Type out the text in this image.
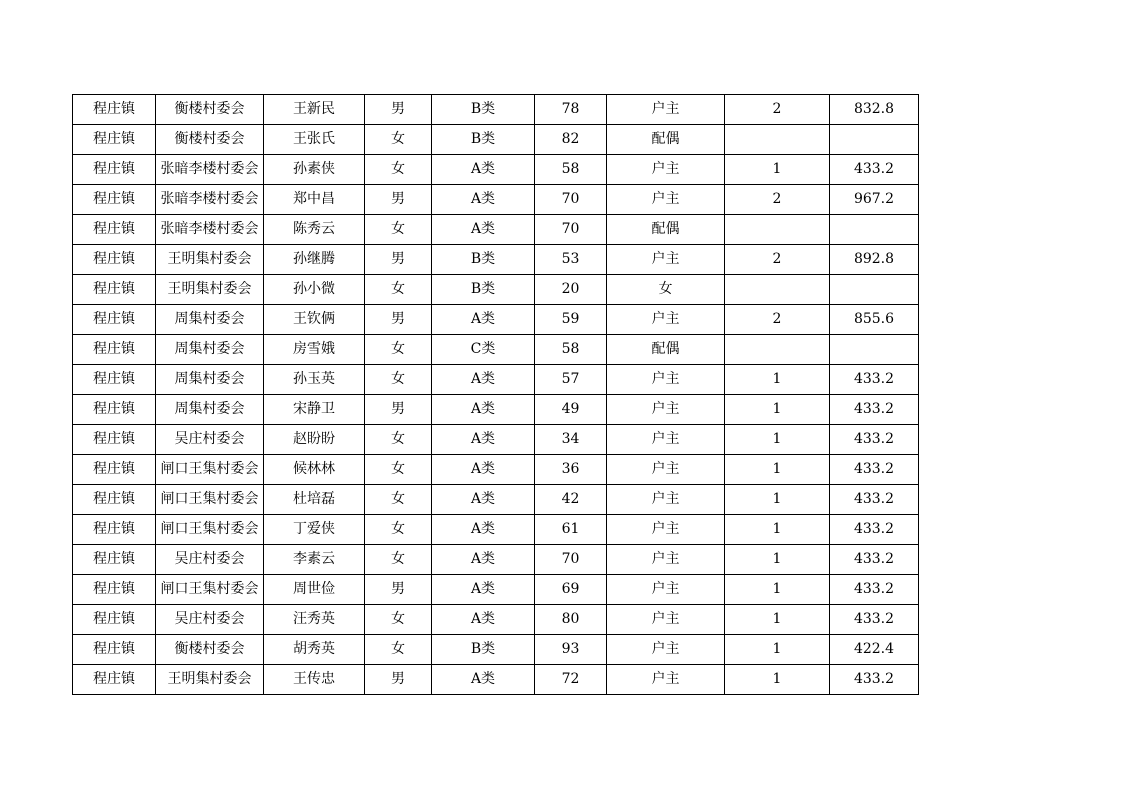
程庄镇	衡楼村委会	王新民	男	B类	78	户主	2	832.8
程庄镇	衡楼村委会	王张氏	女	B类	82	配偶		
程庄镇	张暗李楼村委会	孙素侠	女	A类	58	户主	1	433.2
程庄镇	张暗李楼村委会	郑中昌	男	A类	70	户主	2	967.2
程庄镇	张暗李楼村委会	陈秀云	女	A类	70	配偶		
程庄镇	王明集村委会	孙继腾	男	B类	53	户主	2	892.8
程庄镇	王明集村委会	孙小微	女	B类	20	女		
程庄镇	周集村委会	王钦俩	男	A类	59	户主	2	855.6
程庄镇	周集村委会	房雪娥	女	C类	58	配偶		
程庄镇	周集村委会	孙玉英	女	A类	57	户主	1	433.2
程庄镇	周集村委会	宋静卫	男	A类	49	户主	1	433.2
程庄镇	吴庄村委会	赵盼盼	女	A类	34	户主	1	433.2
程庄镇	闸口王集村委会	候林林	女	A类	36	户主	1	433.2
程庄镇	闸口王集村委会	杜培磊	女	A类	42	户主	1	433.2
程庄镇	闸口王集村委会	丁爱侠	女	A类	61	户主	1	433.2
程庄镇	吴庄村委会	李素云	女	A类	70	户主	1	433.2
程庄镇	闸口王集村委会	周世俭	男	A类	69	户主	1	433.2
程庄镇	吴庄村委会	汪秀英	女	A类	80	户主	1	433.2
程庄镇	衡楼村委会	胡秀英	女	B类	93	户主	1	422.4
程庄镇	王明集村委会	王传忠	男	A类	72	户主	1	433.2
